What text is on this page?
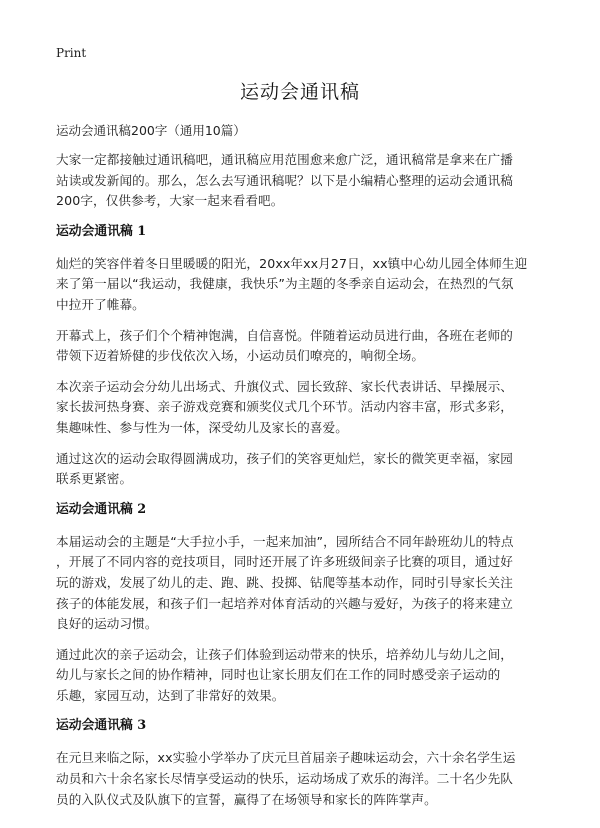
Print
运动会通讯稿
运动会通讯稿200字（通用10篇）
大家一定都接触过通讯稿吧，通讯稿应用范围愈来愈广泛，通讯稿常是拿来在广播
站读或发新闻的。那么，怎么去写通讯稿呢？以下是小编精心整理的运动会通讯稿
200字，仅供参考，大家一起来看看吧。
运动会通讯稿 1
灿烂的笑容伴着冬日里暖暖的阳光，20xx年xx月27日，xx镇中心幼儿园全体师生迎
来了第一届以“我运动，我健康，我快乐”为主题的冬季亲自运动会，在热烈的气氛
中拉开了帷幕。
开幕式上，孩子们个个精神饱满，自信喜悦。伴随着运动员进行曲，各班在老师的
带领下迈着矫健的步伐依次入场，小运动员们嘹亮的，响彻全场。
本次亲子运动会分幼儿出场式、升旗仪式、园长致辞、家长代表讲话、早操展示、
家长拔河热身赛、亲子游戏竞赛和颁奖仪式几个环节。活动内容丰富，形式多彩，
集趣味性、参与性为一体，深受幼儿及家长的喜爱。
通过这次的运动会取得圆满成功，孩子们的笑容更灿烂，家长的微笑更幸福，家园
联系更紧密。
运动会通讯稿 2
本届运动会的主题是“大手拉小手，一起来加油”，园所结合不同年龄班幼儿的特点
，开展了不同内容的竞技项目，同时还开展了许多班级间亲子比赛的项目，通过好
玩的游戏，发展了幼儿的走、跑、跳、投掷、钻爬等基本动作，同时引导家长关注
孩子的体能发展，和孩子们一起培养对体育活动的兴趣与爱好，为孩子的将来建立
良好的运动习惯。
通过此次的亲子运动会，让孩子们体验到运动带来的快乐，培养幼儿与幼儿之间，
幼儿与家长之间的协作精神，同时也让家长朋友们在工作的同时感受亲子运动的
乐趣，家园互动，达到了非常好的效果。
运动会通讯稿 3
在元旦来临之际，xx实验小学举办了庆元旦首届亲子趣味运动会，六十余名学生运
动员和六十余名家长尽情享受运动的快乐，运动场成了欢乐的海洋。二十名少先队
员的入队仪式及队旗下的宣誓，赢得了在场领导和家长的阵阵掌声。
